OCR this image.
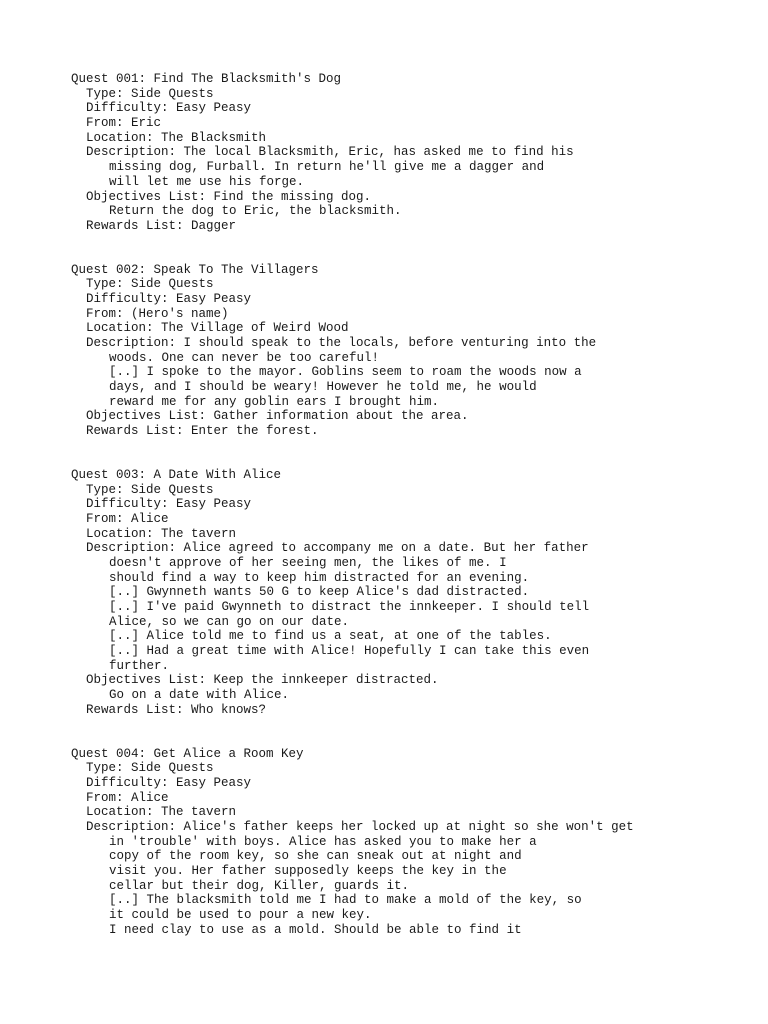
Quest 001: Find The Blacksmith's Dog
Type: Side Quests
Difficulty: Easy Peasy
From: Eric
Location: The Blacksmith
Description: The local Blacksmith, Eric, has asked me to find his
missing dog, Furball. In return he'll give me a dagger and
will let me use his forge.
Objectives List: Find the missing dog.
Return the dog to Eric, the blacksmith.
Rewards List: Dagger
Quest 002: Speak To The Villagers
Type: Side Quests
Difficulty: Easy Peasy
From: (Hero's name)
Location: The Village of Weird Wood
Description: I should speak to the locals, before venturing into the
woods. One can never be too careful!
[..] I spoke to the mayor. Goblins seem to roam the woods now a
days, and I should be weary! However he told me, he would
reward me for any goblin ears I brought him.
Objectives List: Gather information about the area.
Rewards List: Enter the forest.
Quest 003: A Date With Alice
Type: Side Quests
Difficulty: Easy Peasy
From: Alice
Location: The tavern
Description: Alice agreed to accompany me on a date. But her father
doesn't approve of her seeing men, the likes of me. I
should find a way to keep him distracted for an evening.
[..] Gwynneth wants 50 G to keep Alice's dad distracted.
[..] I've paid Gwynneth to distract the innkeeper. I should tell
Alice, so we can go on our date.
[..] Alice told me to find us a seat, at one of the tables.
[..] Had a great time with Alice! Hopefully I can take this even
further.
Objectives List: Keep the innkeeper distracted.
Go on a date with Alice.
Rewards List: Who knows?
Quest 004: Get Alice a Room Key
Type: Side Quests
Difficulty: Easy Peasy
From: Alice
Location: The tavern
Description: Alice's father keeps her locked up at night so she won't get
in 'trouble' with boys. Alice has asked you to make her a
copy of the room key, so she can sneak out at night and
visit you. Her father supposedly keeps the key in the
cellar but their dog, Killer, guards it.
[..] The blacksmith told me I had to make a mold of the key, so
it could be used to pour a new key.
I need clay to use as a mold. Should be able to find it
